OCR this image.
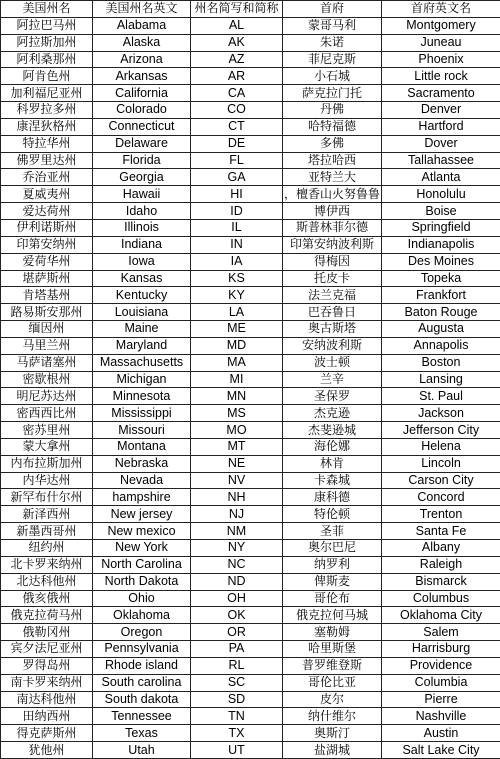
美国州名	美国州名英文	州名简写和简称	首府	首府英文名
阿拉巴马州	Alabama	AL	蒙哥马利	Montgomery
阿拉斯加州	Alaska	AK	朱诺	Juneau
阿利桑那州	Arizona	AZ	菲尼克斯	Phoenix
阿肯色州	Arkansas	AR	小石城	Little rock
加利福尼亚州	California	CA	萨克拉门托	Sacramento
科罗拉多州	Colorado	CO	丹佛	Denver
康涅狄格州	Connecticut	CT	哈特福德	Hartford
特拉华州	Delaware	DE	多佛	Dover
佛罗里达州	Florida	FL	塔拉哈西	Tallahassee
乔治亚州	Georgia	GA	亚特兰大	Atlanta
夏威夷州	Hawaii	HI	，檀香山火努鲁鲁	Honolulu
爱达荷州	Idaho	ID	博伊西	Boise
伊利诺斯州	Illinois	IL	斯普林菲尔德	Springfield
印第安纳州	Indiana	IN	印第安纳波利斯	Indianapolis
爱荷华州	Iowa	IA	得梅因	Des Moines
堪萨斯州	Kansas	KS	托皮卡	Topeka
肯塔基州	Kentucky	KY	法兰克福	Frankfort
路易斯安那州	Louisiana	LA	巴吞鲁日	Baton Rouge
缅因州	Maine	ME	奥古斯塔	Augusta
马里兰州	Maryland	MD	安纳波利斯	Annapolis
马萨诸塞州	Massachusetts	MA	波士顿	Boston
密歇根州	Michigan	MI	兰辛	Lansing
明尼苏达州	Minnesota	MN	圣保罗	St. Paul
密西西比州	Mississippi	MS	杰克逊	Jackson
密苏里州	Missouri	MO	杰斐逊城	Jefferson City
蒙大拿州	Montana	MT	海伦娜	Helena
内布拉斯加州	Nebraska	NE	林肯	Lincoln
内华达州	Nevada	NV	卡森城	Carson City
新罕布什尔州	hampshire	NH	康科德	Concord
新泽西州	New jersey	NJ	特伦顿	Trenton
新墨西哥州	New mexico	NM	圣菲	Santa Fe
纽约州	New York	NY	奥尔巴尼	Albany
北卡罗来纳州	North Carolina	NC	纳罗利	Raleigh
北达科他州	North Dakota	ND	俾斯麦	Bismarck
俄亥俄州	Ohio	OH	哥伦布	Columbus
俄克拉荷马州	Oklahoma	OK	俄克拉何马城	Oklahoma City
俄勒冈州	Oregon	OR	塞勒姆	Salem
宾夕法尼亚州	Pennsylvania	PA	哈里斯堡	Harrisburg
罗得岛州	Rhode island	RL	普罗维登斯	Providence
南卡罗来纳州	South carolina	SC	哥伦比亚	Columbia
南达科他州	South dakota	SD	皮尔	Pierre
田纳西州	Tennessee	TN	纳什维尔	Nashville
得克萨斯州	Texas	TX	奥斯汀	Austin
犹他州	Utah	UT	盐湖城	Salt Lake City
